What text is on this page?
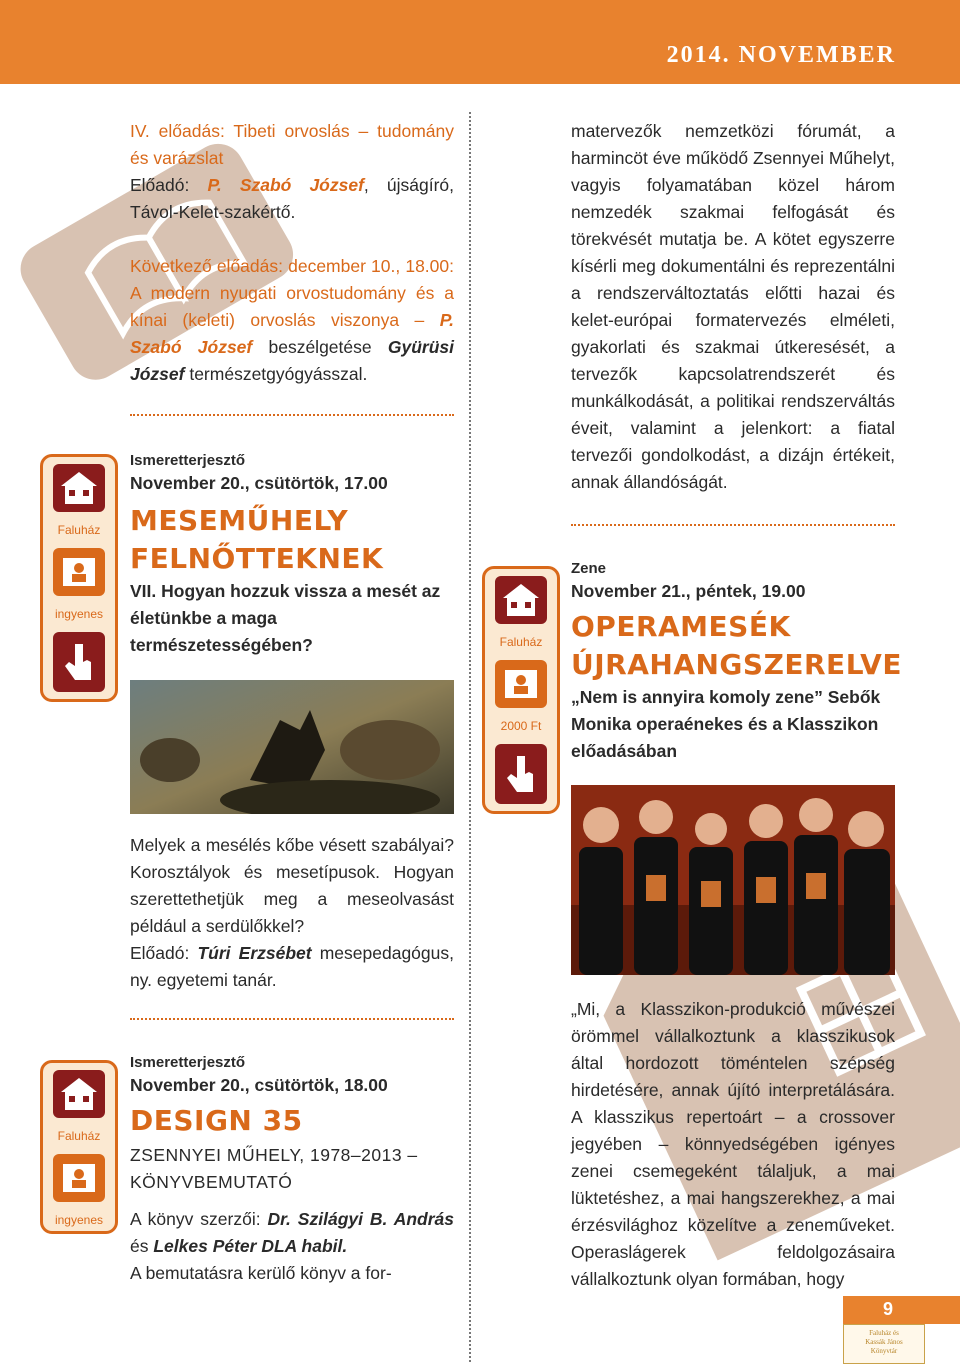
2014. NOVEMBER
IV. előadás: Tibeti orvoslás – tudomány és varázslat
Előadó: P. Szabó József, újságíró, Távol-Kelet-szakértő.
Következő előadás: december 10., 18.00: A modern nyugati orvostudomány és a kínai (keleti) orvoslás viszonya – P. Szabó József beszélgetése Gyürüsi József természetgyógyásszal.
Ismeretterjesztő
November 20., csütörtök, 17.00
MESEMŰHELY
FELNŐTTEKNEK
VII. Hogyan hozzuk vissza a mesét az életünkbe a maga természetességében?
Melyek a mesélés kőbe vésett szabályai? Korosztályok és mesetípusok. Hogyan szerettethetjük meg a meseolvasást például a serdülőkkel?
Előadó: Túri Erzsébet mesepedagógus, ny. egyetemi tanár.
Ismeretterjesztő
November 20., csütörtök, 18.00
DESIGN 35
ZSENNYEI MŰHELY, 1978–2013 –
KÖNYVBEMUTATÓ
A könyv szerzői: Dr. Szilágyi B. András és Lelkes Péter DLA habil.
A bemutatásra kerülő könyv a for-
matervezők nemzetközi fórumát, a harmincöt éve működő Zsennyei Műhelyt, vagyis folyamatában közel három nemzedék szakmai felfogását és törekvését mutatja be. A kötet egyszerre kísérli meg dokumentálni és reprezentálni a rendszerváltoztatás előtti hazai és kelet-európai formatervezés elméleti, gyakorlati és szakmai útkeresését, a tervezők kapcsolatrendszerét és munkálkodását, a politikai rendszerváltás éveit, valamint a jelenkort: a fiatal tervezői gondolkodást, a dizájn értékeit, annak állandóságát.
Zene
November 21., péntek, 19.00
OPERAMESÉK
ÚJRAHANGSZERELVE
„Nem is annyira komoly zene” Sebők Monika operaénekes és a Klasszikon előadásában
„Mi, a Klasszikon-produkció művészei örömmel vállalkoztunk a klasszikusok által hordozott töméntelen szépség hirdetésére, annak újító interpretálására. A klasszikus repertoárt – a crossover jegyében – könnyedségében igényes zenei csemegeként tálaljuk, a mai lüktetéshez, a mai hangszerekhez, a mai érzésvilághoz közelítve a zeneműveket. Operaslágerek feldolgozásaira vállalkoztunk olyan formában, hogy
Faluház
ingyenes
Faluház
2000 Ft
Faluház
ingyenes
9
Faluház és
Kassák János
Könyvtár
